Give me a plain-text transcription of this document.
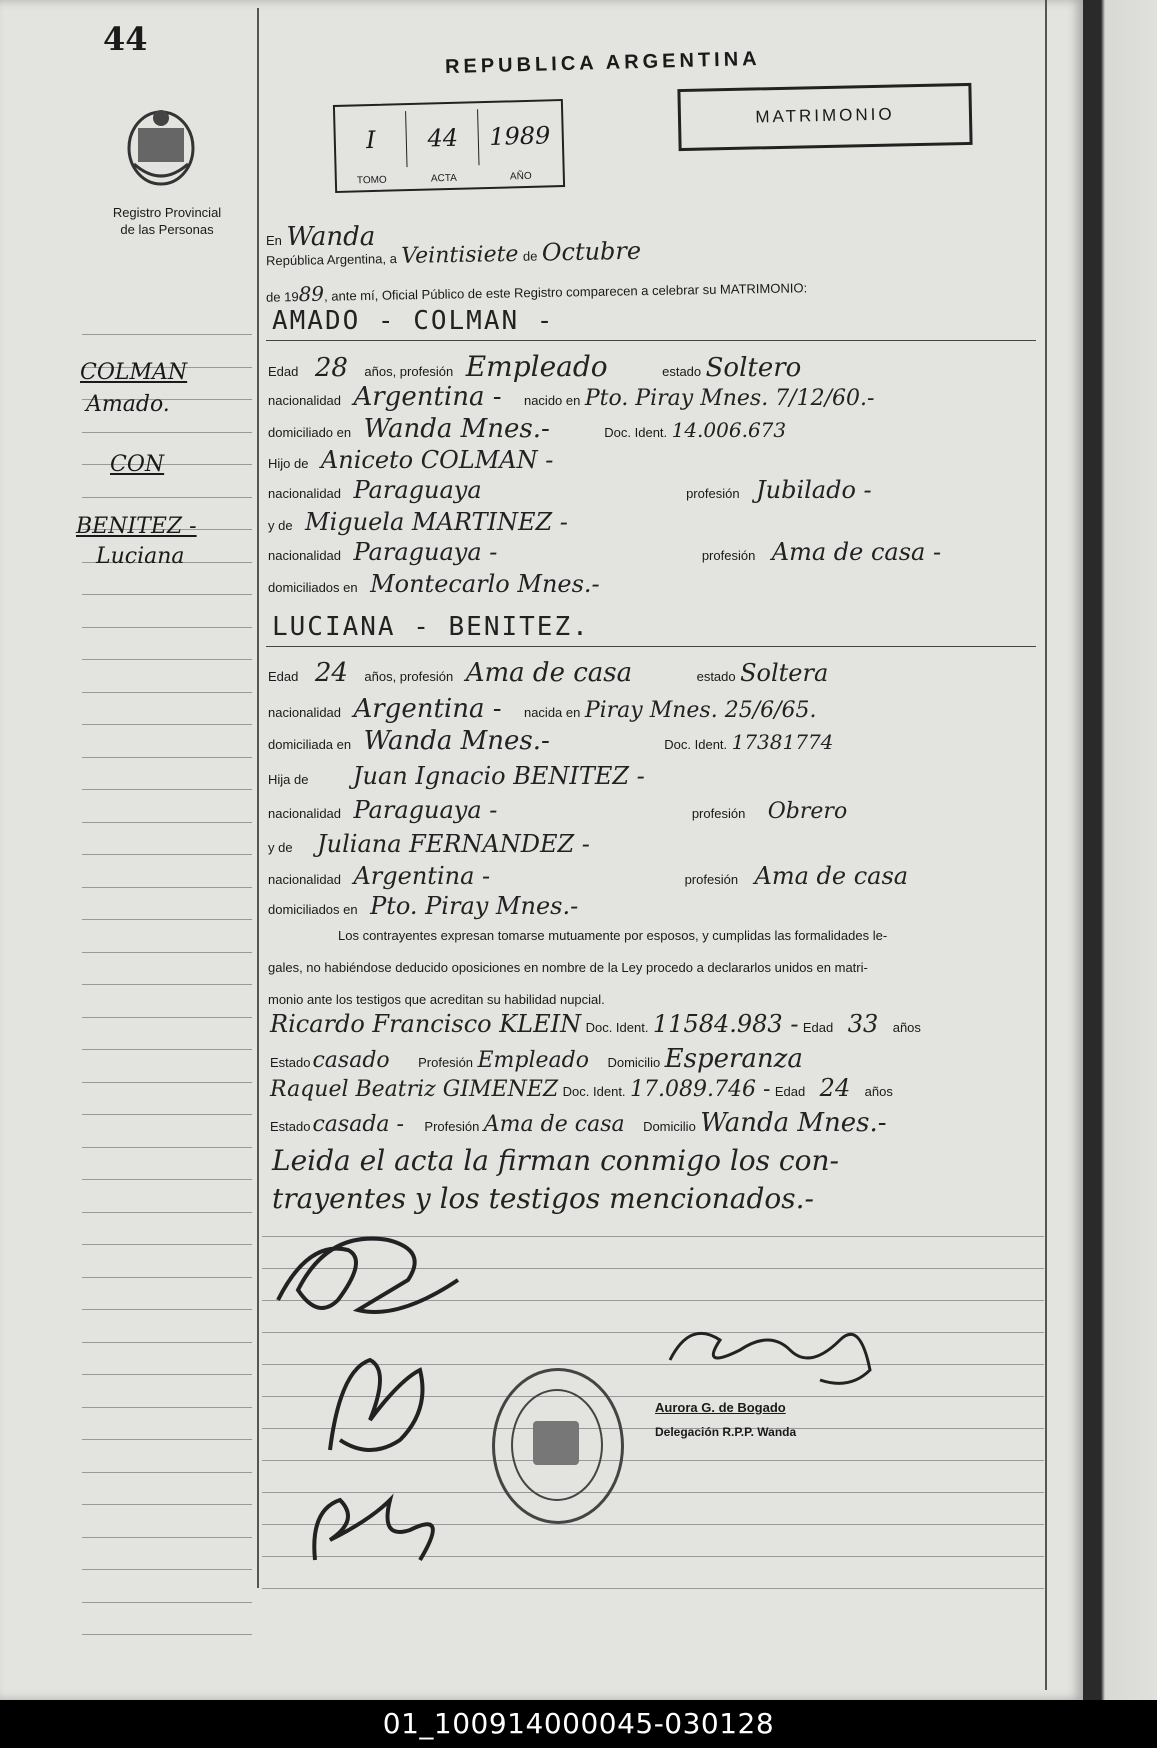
44
Registro Provincial
de las Personas
REPUBLICA ARGENTINA
I
TOMO
44
ACTA
1989
AÑO
MATRIMONIO
En Wanda
República Argentina, a Veintisiete de Octubre
de 1989, ante mí, Oficial Público de este Registro comparecen a celebrar su MATRIMONIO:
AMADO - COLMAN -
Edad 28 años, profesión Empleado	estado Soltero
nacionalidad Argentina - nacido en Pto. Piray Mnes. 7/12/60.-
domiciliado en Wanda Mnes.-	Doc. Ident. 14.006.673
Hijo de Aniceto COLMAN -
nacionalidad Paraguaya	profesión Jubilado -
y de Miguela MARTINEZ -
nacionalidad Paraguaya -	profesión Ama de casa -
domiciliados en Montecarlo Mnes.-
LUCIANA - BENITEZ.
Edad 24 años, profesión Ama de casa	estado Soltera
nacionalidad Argentina - nacida en Piray Mnes. 25/6/65.
domiciliada en Wanda Mnes.-	Doc. Ident. 17381774
Hija de Juan Ignacio BENITEZ -
nacionalidad Paraguaya -	profesión Obrero
y de Juliana FERNANDEZ -
nacionalidad Argentina -	profesión Ama de casa
domiciliados en Pto. Piray Mnes.-
Los contrayentes expresan tomarse mutuamente por esposos, y cumplidas las formalidades le-
gales, no habiéndose deducido oposiciones en nombre de la Ley procedo a declararlos unidos en matri-
monio ante los testigos que acreditan su habilidad nupcial.
Ricardo Francisco KLEIN Doc. Ident. 11584.983 - Edad 33 años
Estadocasado Profesión Empleado Domicilio Esperanza
Raquel Beatriz GIMENEZ Doc. Ident. 17.089.746 - Edad 24 años
Estadocasada - Profesión Ama de casa Domicilio Wanda Mnes.-
Leida el acta la firman conmigo los con-
trayentes y los testigos mencionados.-
COLMAN
Amado.
CON
BENITEZ -
Luciana
Aurora G. de Bogado
Delegación R.P.P. Wanda
01_100914000045-030128
